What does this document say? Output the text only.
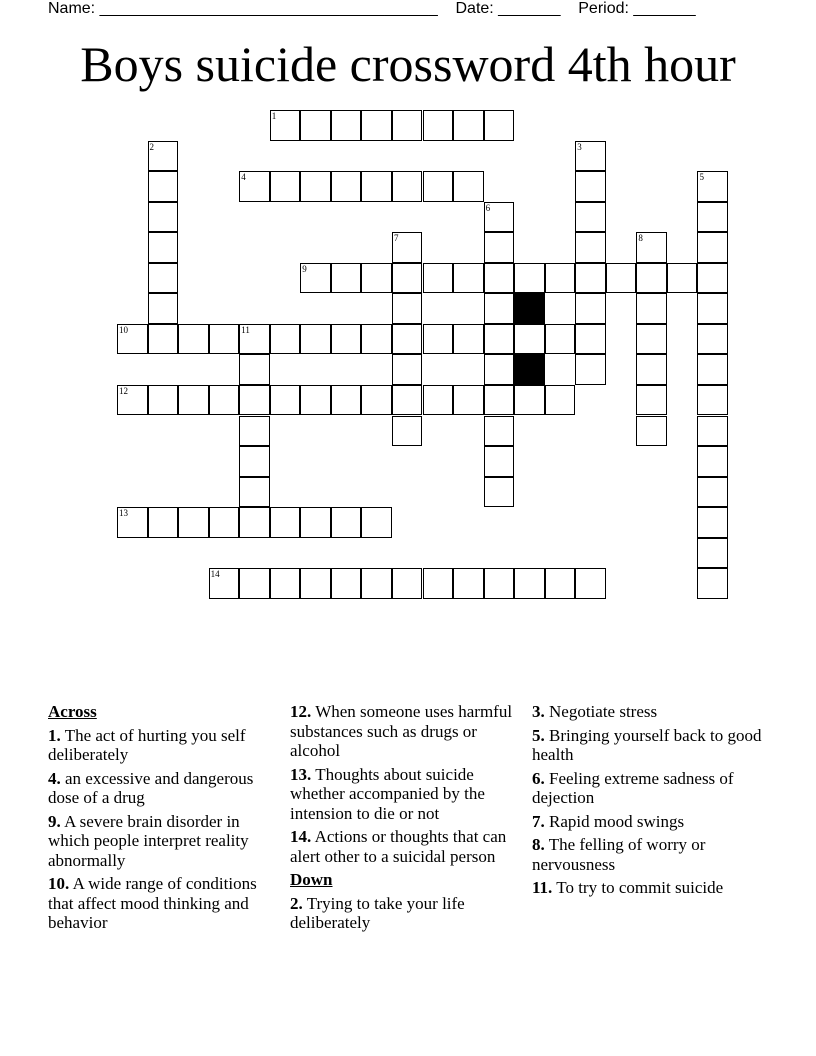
Name: ______________________________________    Date: _______    Period: _______
Boys suicide crossword 4th hour
1
2	3
4	5
6
7	8
9
10	11
12
13
14
Across
1. The act of hurting you self deliberately
4. an excessive and dangerous dose of a drug
9. A severe brain disorder in which people interpret reality abnormally
10. A wide range of conditions that affect mood thinking and behavior
12. When someone uses harmful substances such as drugs or alcohol
13. Thoughts about suicide whether accompanied by the intension to die or not
14. Actions or thoughts that can alert other to a suicidal person
Down
2. Trying to take your life deliberately
3. Negotiate stress
5. Bringing yourself back to good health
6. Feeling extreme sadness of dejection
7. Rapid mood swings
8. The felling of worry or nervousness
11. To try to commit suicide
